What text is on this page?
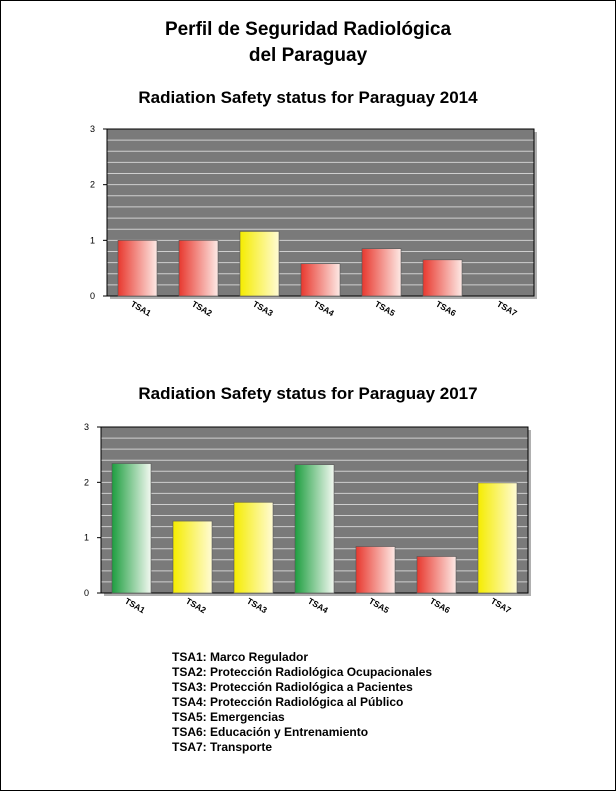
Perfil de Seguridad Radiológica
del Paraguay
Radiation Safety status for Paraguay 2014
0
1
2
3
TSA1	TSA2	TSA3	TSA4	TSA5	TSA6	TSA7
Radiation Safety status for Paraguay 2017
0
1
2
3
TSA1	TSA2	TSA3	TSA4	TSA5	TSA6	TSA7
TSA1: Marco Regulador
TSA2: Protección Radiológica Ocupacionales
TSA3: Protección Radiológica a Pacientes
TSA4: Protección Radiológica al Público
TSA5: Emergencias
TSA6: Educación y Entrenamiento
TSA7: Transporte
